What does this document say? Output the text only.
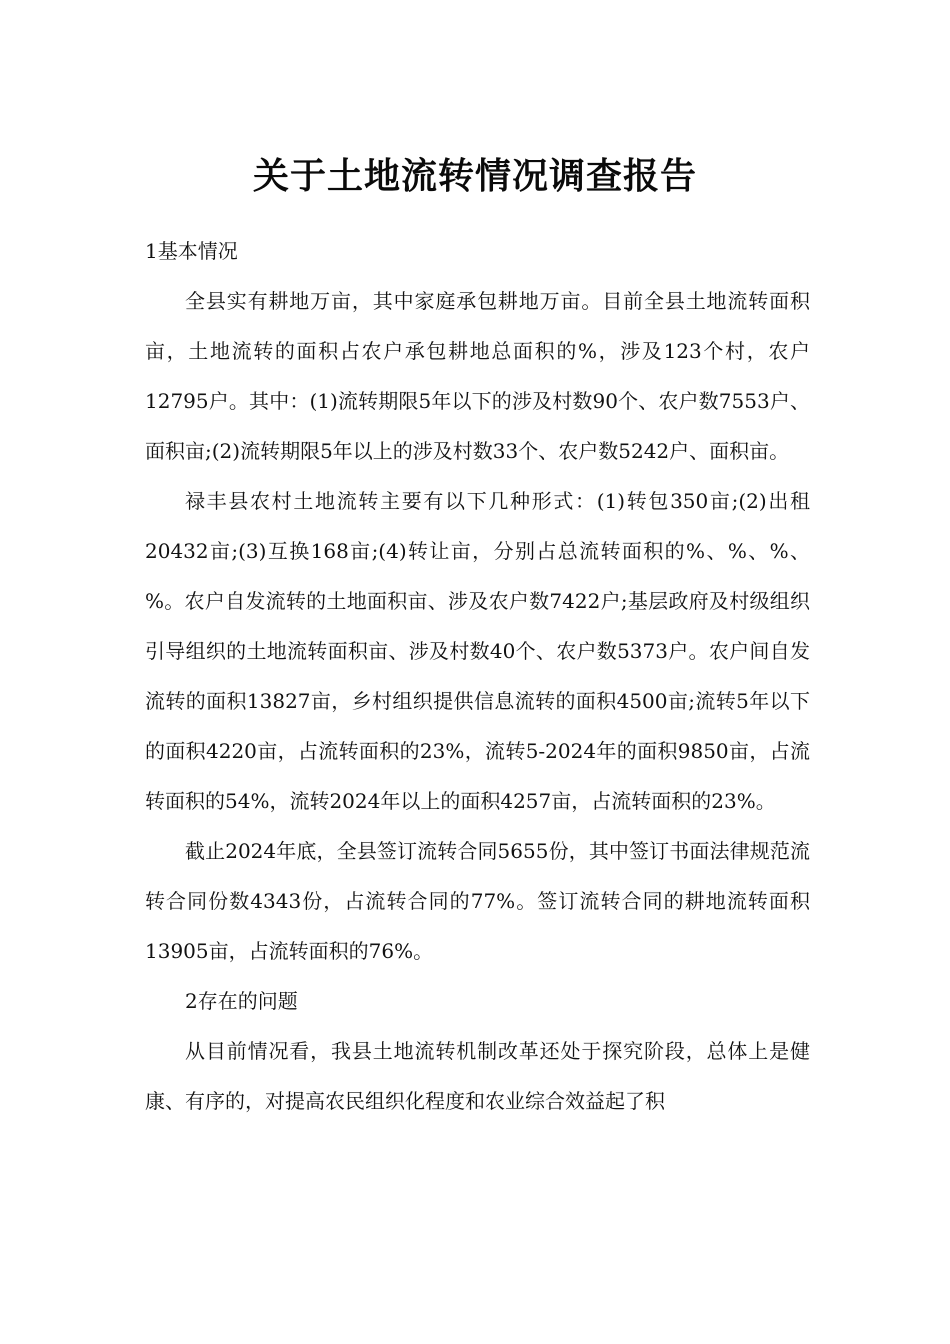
关于土地流转情况调查报告

1基本情况

全县实有耕地万亩，其中家庭承包耕地万亩。目前全县土地流转面积亩，土地流转的面积占农户承包耕地总面积的%，涉及123个村，农户12795户。其中：(1)流转期限5年以下的涉及村数90个、农户数7553户、面积亩;(2)流转期限5年以上的涉及村数33个、农户数5242户、面积亩。

禄丰县农村土地流转主要有以下几种形式：(1)转包350亩;(2)出租20432亩;(3)互换168亩;(4)转让亩，分别占总流转面积的%、%、%、%。农户自发流转的土地面积亩、涉及农户数7422户;基层政府及村级组织引导组织的土地流转面积亩、涉及村数40个、农户数5373户。农户间自发流转的面积13827亩，乡村组织提供信息流转的面积4500亩;流转5年以下的面积4220亩，占流转面积的23%，流转5-2024年的面积9850亩，占流转面积的54%，流转2024年以上的面积4257亩，占流转面积的23%。

截止2024年底，全县签订流转合同5655份，其中签订书面法律规范流转合同份数4343份，占流转合同的77%。签订流转合同的耕地流转面积13905亩，占流转面积的76%。

2存在的问题

从目前情况看，我县土地流转机制改革还处于探究阶段，总体上是健康、有序的，对提高农民组织化程度和农业综合效益起了积
